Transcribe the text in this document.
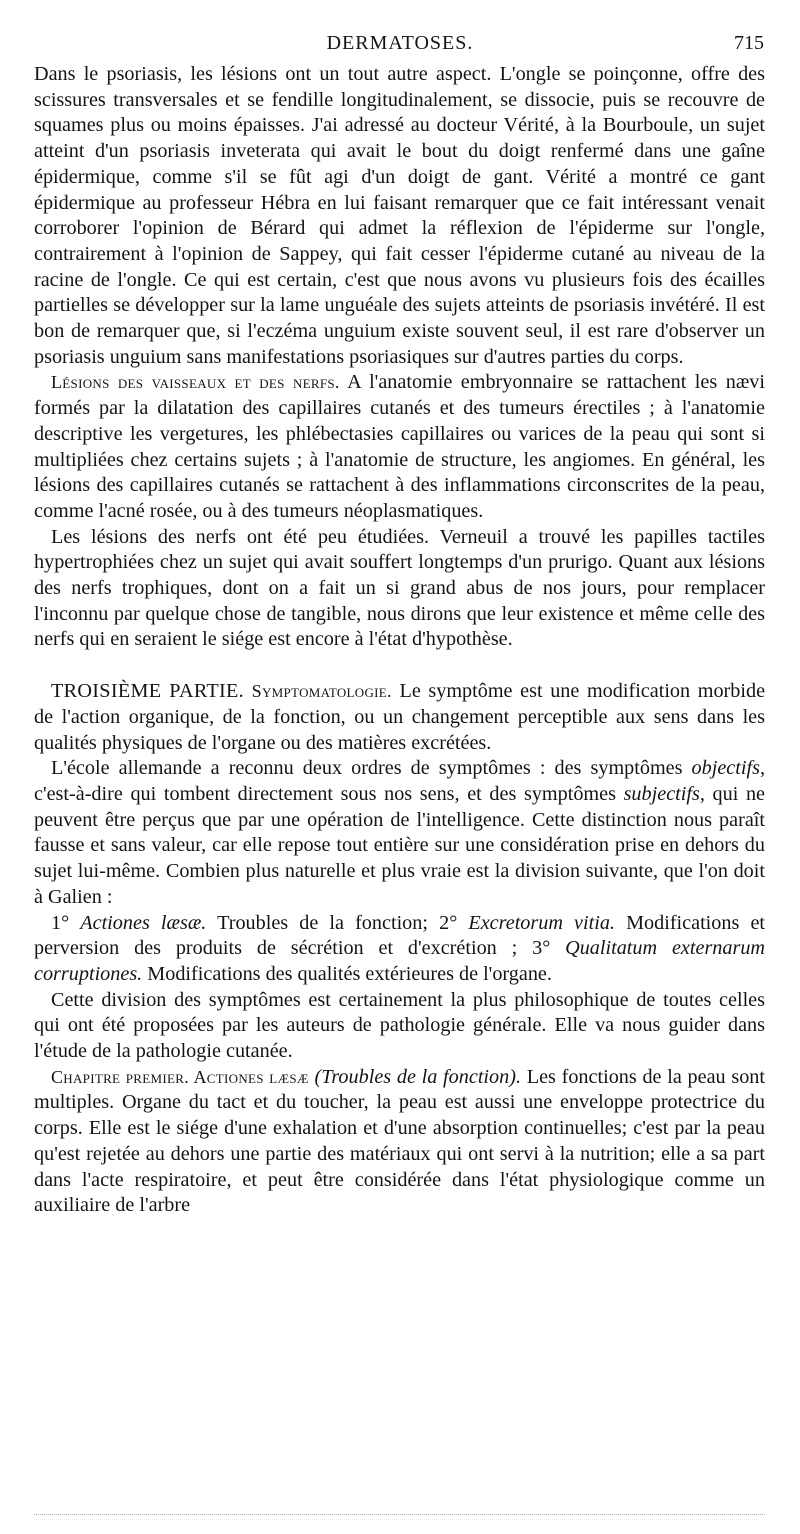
DERMATOSES.	715

Dans le psoriasis, les lésions ont un tout autre aspect. L'ongle se poinçonne, offre des scissures transversales et se fendille longitudinalement, se dissocie, puis se recouvre de squames plus ou moins épaisses. J'ai adressé au docteur Vérité, à la Bourboule, un sujet atteint d'un psoriasis inveterata qui avait le bout du doigt renfermé dans une gaîne épidermique, comme s'il se fût agi d'un doigt de gant. Vérité a montré ce gant épidermique au professeur Hébra en lui faisant remarquer que ce fait intéressant venait corroborer l'opinion de Bérard qui admet la réflexion de l'épiderme sur l'ongle, contrairement à l'opinion de Sappey, qui fait cesser l'épiderme cutané au niveau de la racine de l'ongle. Ce qui est certain, c'est que nous avons vu plusieurs fois des écailles partielles se développer sur la lame unguéale des sujets atteints de psoriasis invétéré. Il est bon de remarquer que, si l'eczéma unguium existe souvent seul, il est rare d'observer un psoriasis unguium sans manifestations psoriasiques sur d'autres parties du corps.

Lésions des vaisseaux et des nerfs. A l'anatomie embryonnaire se rattachent les nævi formés par la dilatation des capillaires cutanés et des tumeurs érectiles ; à l'anatomie descriptive les vergetures, les phlébectasies capillaires ou varices de la peau qui sont si multipliées chez certains sujets ; à l'anatomie de structure, les angiomes. En général, les lésions des capillaires cutanés se rattachent à des inflammations circonscrites de la peau, comme l'acné rosée, ou à des tumeurs néoplasmatiques.

Les lésions des nerfs ont été peu étudiées. Verneuil a trouvé les papilles tactiles hypertrophiées chez un sujet qui avait souffert longtemps d'un prurigo. Quant aux lésions des nerfs trophiques, dont on a fait un si grand abus de nos jours, pour remplacer l'inconnu par quelque chose de tangible, nous dirons que leur existence et même celle des nerfs qui en seraient le siége est encore à l'état d'hypothèse.

TROISIÈME PARTIE. Symptomatologie. Le symptôme est une modification morbide de l'action organique, de la fonction, ou un changement perceptible aux sens dans les qualités physiques de l'organe ou des matières excrétées.

L'école allemande a reconnu deux ordres de symptômes : des symptômes objectifs, c'est-à-dire qui tombent directement sous nos sens, et des symptômes subjectifs, qui ne peuvent être perçus que par une opération de l'intelligence. Cette distinction nous paraît fausse et sans valeur, car elle repose tout entière sur une considération prise en dehors du sujet lui-même. Combien plus naturelle et plus vraie est la division suivante, que l'on doit à Galien :

1° Actiones læsæ. Troubles de la fonction; 2° Excretorum vitia. Modifications et perversion des produits de sécrétion et d'excrétion ; 3° Qualitatum externarum corruptiones. Modifications des qualités extérieures de l'organe.

Cette division des symptômes est certainement la plus philosophique de toutes celles qui ont été proposées par les auteurs de pathologie générale. Elle va nous guider dans l'étude de la pathologie cutanée.

Chapitre premier. Actiones læsæ (Troubles de la fonction). Les fonctions de la peau sont multiples. Organe du tact et du toucher, la peau est aussi une enveloppe protectrice du corps. Elle est le siége d'une exhalation et d'une absorption continuelles; c'est par la peau qu'est rejetée au dehors une partie des matériaux qui ont servi à la nutrition; elle a sa part dans l'acte respiratoire, et peut être considérée dans l'état physiologique comme un auxiliaire de l'arbre
